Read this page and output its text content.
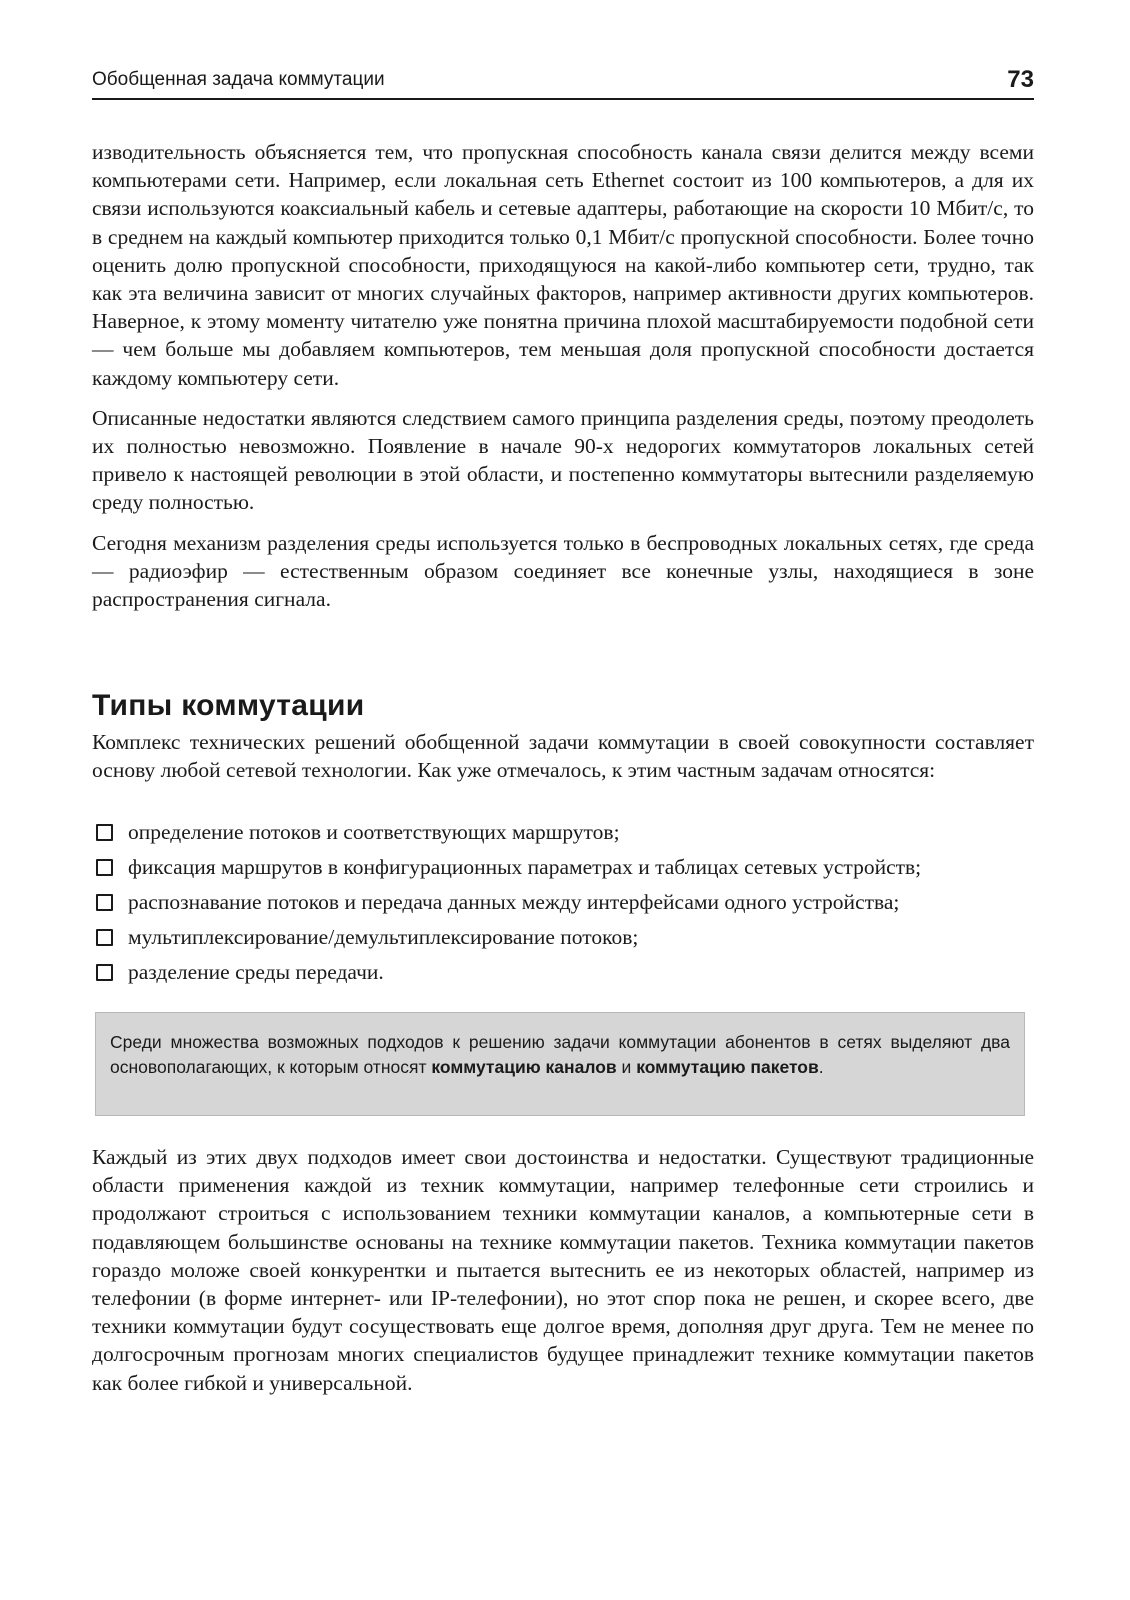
Обобщенная задача коммутации	73

изводительность объясняется тем, что пропускная способность канала связи делится между всеми компьютерами сети. Например, если локальная сеть Ethernet состоит из 100 компьютеров, а для их связи используются коаксиальный кабель и сетевые адаптеры, работающие на скорости 10 Мбит/с, то в среднем на каждый компьютер приходится только 0,1 Мбит/с пропускной способности. Более точно оценить долю пропускной способности, приходящуюся на какой-либо компьютер сети, трудно, так как эта величина зависит от многих случайных факторов, например активности других компьютеров. Наверное, к этому моменту читателю уже понятна причина плохой масштабируемости подобной сети — чем больше мы добавляем компьютеров, тем меньшая доля пропускной способности достается каждому компьютеру сети.

Описанные недостатки являются следствием самого принципа разделения среды, поэтому преодолеть их полностью невозможно. Появление в начале 90-х недорогих коммутаторов локальных сетей привело к настоящей революции в этой области, и постепенно коммутаторы вытеснили разделяемую среду полностью.

Сегодня механизм разделения среды используется только в беспроводных локальных сетях, где среда — радиоэфир — естественным образом соединяет все конечные узлы, находящиеся в зоне распространения сигнала.

Типы коммутации

Комплекс технических решений обобщенной задачи коммутации в своей совокупности составляет основу любой сетевой технологии. Как уже отмечалось, к этим частным задачам относятся:

определение потоков и соответствующих маршрутов;
фиксация маршрутов в конфигурационных параметрах и таблицах сетевых устройств;
распознавание потоков и передача данных между интерфейсами одного устройства;
мультиплексирование/демультиплексирование потоков;
разделение среды передачи.
Среди множества возможных подходов к решению задачи коммутации абонентов в сетях выделяют два основополагающих, к которым относят коммутацию каналов и коммутацию пакетов.

Каждый из этих двух подходов имеет свои достоинства и недостатки. Существуют традиционные области применения каждой из техник коммутации, например телефонные сети строились и продолжают строиться с использованием техники коммутации каналов, а компьютерные сети в подавляющем большинстве основаны на технике коммутации пакетов. Техника коммутации пакетов гораздо моложе своей конкурентки и пытается вытеснить ее из некоторых областей, например из телефонии (в форме интернет- или IP-телефонии), но этот спор пока не решен, и скорее всего, две техники коммутации будут сосуществовать еще долгое время, дополняя друг друга. Тем не менее по долгосрочным прогнозам многих специалистов будущее принадлежит технике коммутации пакетов как более гибкой и универсальной.
